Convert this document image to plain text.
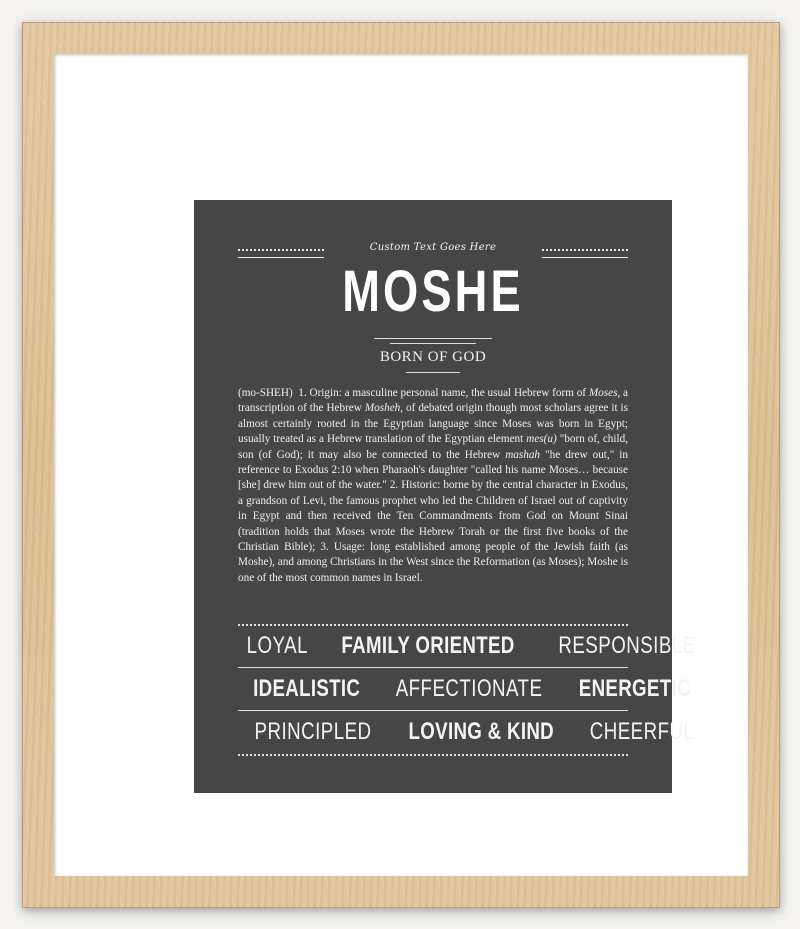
Custom Text Goes Here
MOSHE
BORN OF GOD
(mo-SHEH) 1. Origin: a masculine personal name, the usual Hebrew form of Moses, a transcription of the Hebrew Mosheh, of debated origin though most scholars agree it is almost certainly rooted in the Egyptian language since Moses was born in Egypt; usually treated as a Hebrew translation of the Egyptian element mes(u) "born of, child, son (of God); it may also be connected to the Hebrew mashah "he drew out," in reference to Exodus 2:10 when Pharaoh's daughter "called his name Moses… because [she] drew him out of the water." 2. Historic: borne by the central character in Exodus, a grandson of Levi, the famous prophet who led the Children of Israel out of captivity in Egypt and then received the Ten Commandments from God on Mount Sinai (tradition holds that Moses wrote the Hebrew Torah or the first five books of the Christian Bible); 3. Usage: long established among people of the Jewish faith (as Moshe), and among Christians in the West since the Reformation (as Moses); Moshe is one of the most common names in Israel.
LOYAL FAMILY ORIENTED RESPONSIBLE
IDEALISTIC AFFECTIONATE ENERGETIC
PRINCIPLED LOVING & KIND CHEERFUL
